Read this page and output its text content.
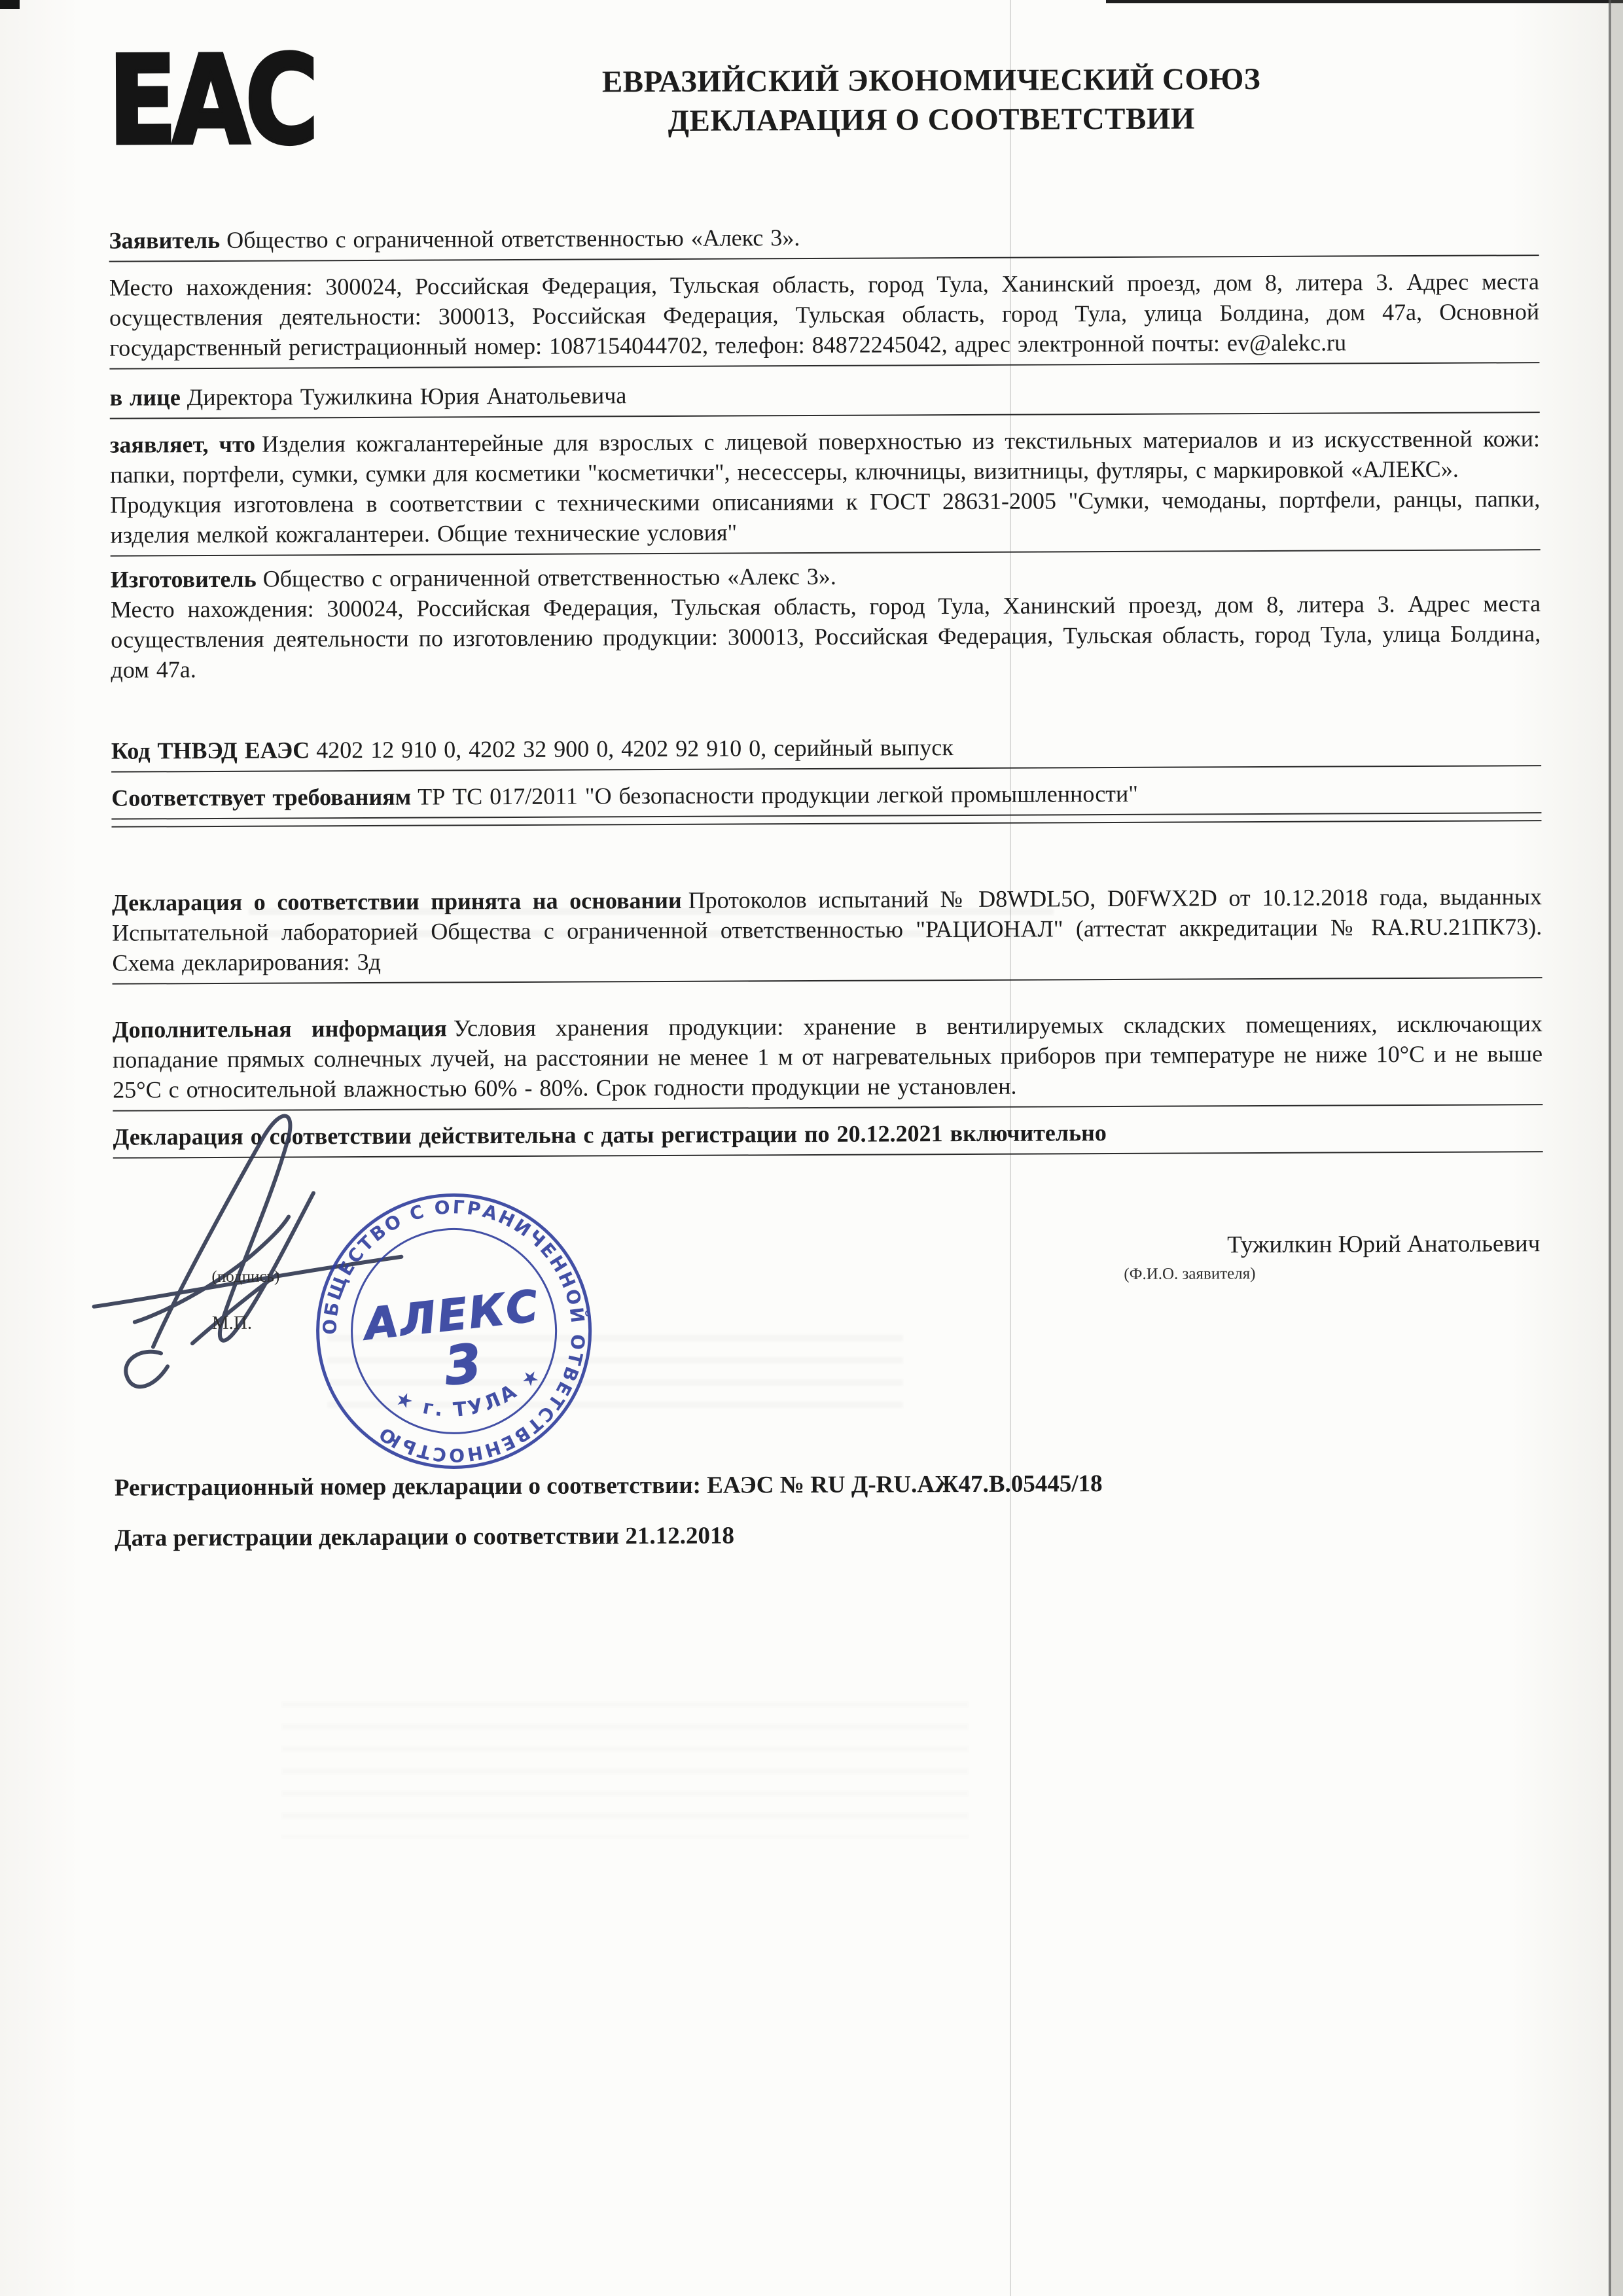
EAC	ЕВРАЗИЙСКИЙ ЭКОНОМИЧЕСКИЙ СОЮЗ
ДЕКЛАРАЦИЯ О СООТВЕТСТВИИ

Заявитель Общество с ограниченной ответственностью «Алекс 3».

Место нахождения: 300024, Российская Федерация, Тульская область, город Тула, Ханинский проезд, дом 8, литера 3. Адрес места осуществления деятельности: 300013, Российская Федерация, Тульская область, город Тула, улица Болдина, дом 47а, Основной государственный регистрационный номер: 1087154044702, телефон: 84872245042, адрес электронной почты: ev@alekc.ru

в лице Директора Тужилкина Юрия Анатольевича

заявляет, что Изделия кожгалантерейные для взрослых с лицевой поверхностью из текстильных материалов и из искусственной кожи: папки, портфели, сумки, сумки для косметики "косметички", несессеры, ключницы, визитницы, футляры, с маркировкой «АЛЕКС».

Продукция изготовлена в соответствии с техническими описаниями к ГОСТ 28631-2005 "Сумки, чемоданы, портфели, ранцы, папки, изделия мелкой кожгалантереи. Общие технические условия"

Изготовитель Общество с ограниченной ответственностью «Алекс 3».

Место нахождения: 300024, Российская Федерация, Тульская область, город Тула, Ханинский проезд, дом 8, литера 3. Адрес места осуществления деятельности по изготовлению продукции: 300013, Российская Федерация, Тульская область, город Тула, улица Болдина, дом 47а.

Код ТНВЭД ЕАЭС 4202 12 910 0, 4202 32 900 0, 4202 92 910 0, серийный выпуск

Соответствует требованиям ТР ТС 017/2011 "О безопасности продукции легкой промышленности"

Декларация о соответствии принята на основании Протоколов испытаний № D8WDL5O, D0FWX2D от 10.12.2018 года, выданных Испытательной лабораторией Общества с ограниченной ответственностью "РАЦИОНАЛ" (аттестат аккредитации № RA.RU.21ПК73). Схема декларирования: 3д

Дополнительная информация Условия хранения продукции: хранение в вентилируемых складских помещениях, исключающих попадание прямых солнечных лучей, на расстоянии не менее 1 м от нагревательных приборов при температуре не ниже 10°С и не выше 25°С с относительной влажностью 60% - 80%. Срок годности продукции не установлен.

Декларация о соответствии действительна с даты регистрации по 20.12.2021 включительно

(подпись)
М.П.	ОБЩЕСТВО С ОГРАНИЧЕННОЙ ОТВЕТСТВЕННОСТЬЮ
★ г. ТУЛА ★
АЛЕКС
3
Тужилкин Юрий Анатольевич
(Ф.И.О. заявителя)

Регистрационный номер декларации о соответствии: ЕАЭС № RU Д-RU.АЖ47.В.05445/18

Дата регистрации декларации о соответствии 21.12.2018
